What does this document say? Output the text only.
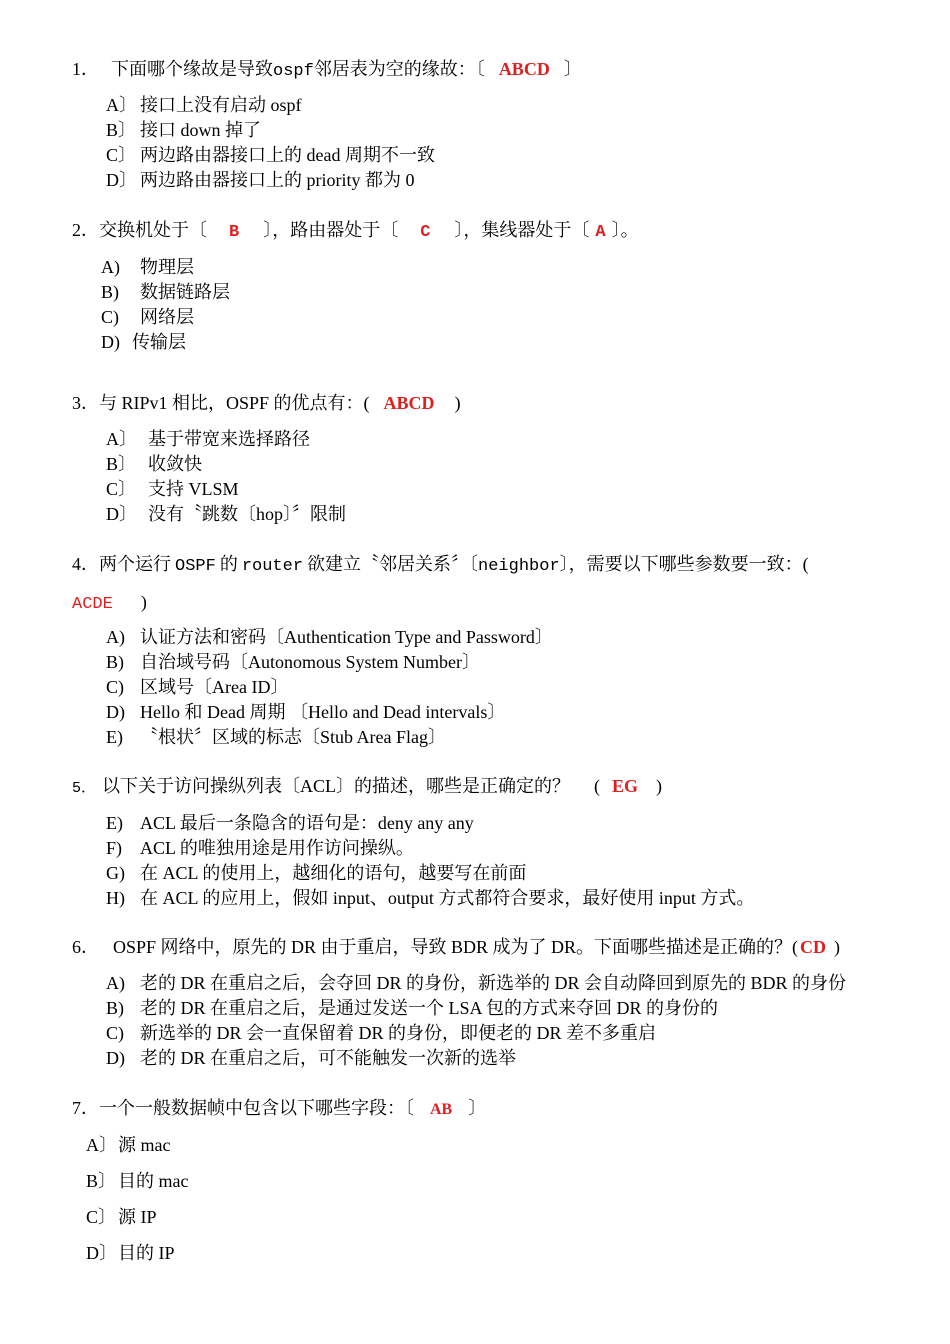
1． 下面哪个缘故是导致ospf邻居表为空的缘故：〔 ABCD 〕
A〕 接口上没有启动 ospf
B〕 接口 down 掉了
C〕 两边路由器接口上的 dead 周期不一致
D〕 两边路由器接口上的 priority 都为 0
2．交换机处于〔 B 〕，路由器处于〔 C 〕，集线器处于〔 A 〕。
A) 物理层
B) 数据链路层
C) 网络层
D) 传输层
3．与 RIPv1 相比，OSPF 的优点有：( ABCD )
A〕 基于带宽来选择路径
B〕 收敛快
C〕 支持 VLSM
D〕 没有〝跳数〔hop〕〞限制
4．两个运行 OSPF 的 router 欲建立〝邻居关系〞〔neighbor〕，需要以下哪些参数要一致：(
ACDE )
A) 认证方法和密码〔Authentication Type and Password〕
B) 自治域号码〔Autonomous System Number〕
C) 区域号〔Area ID〕
D) Hello 和 Dead 周期 〔Hello and Dead intervals〕
E) 〝根状〞区域的标志〔Stub Area Flag〕
5． 以下关于访问操纵列表〔ACL〕的描述，哪些是正确定的？ ( EG )
E) ACL 最后一条隐含的语句是：deny any any
F) ACL 的唯独用途是用作访问操纵。
G) 在 ACL 的使用上，越细化的语句，越要写在前面
H) 在 ACL 的应用上，假如 input、output 方式都符合要求，最好使用 input 方式。
6． OSPF 网络中，原先的 DR 由于重启，导致 BDR 成为了 DR。下面哪些描述是正确的？( CD )
A) 老的 DR 在重启之后，会夺回 DR 的身份，新选举的 DR 会自动降回到原先的 BDR 的身份
B) 老的 DR 在重启之后，是通过发送一个 LSA 包的方式来夺回 DR 的身份的
C) 新选举的 DR 会一直保留着 DR 的身份，即便老的 DR 差不多重启
D) 老的 DR 在重启之后，可不能触发一次新的选举
7．一个一般数据帧中包含以下哪些字段：〔 AB 〕
A〕源 mac
B〕 目的 mac
C〕 源 IP
D〕目的 IP
